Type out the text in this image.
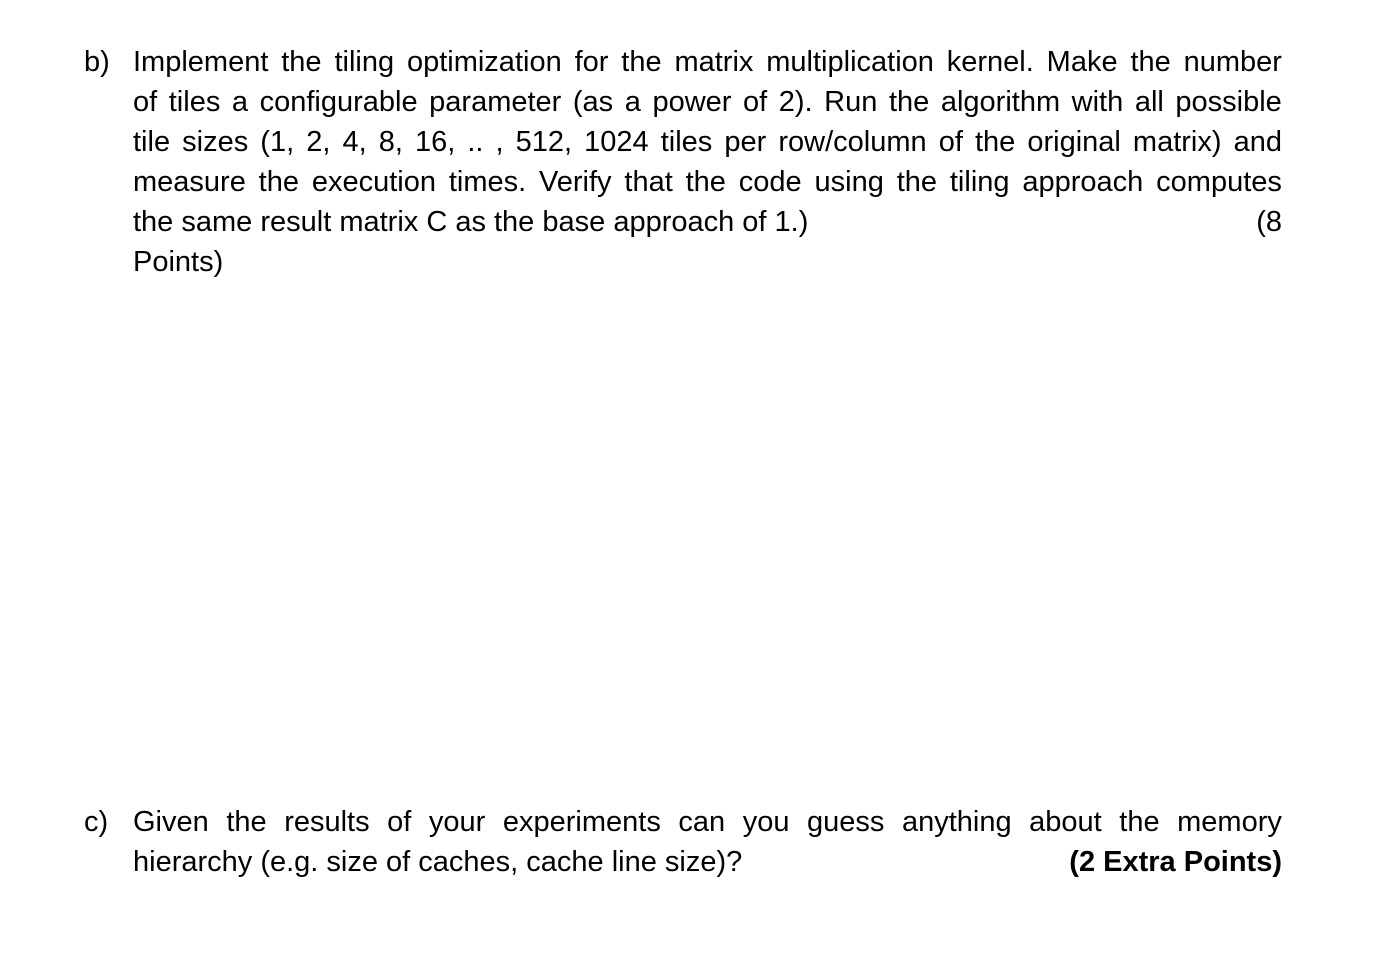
b) Implement the tiling optimization for the matrix multiplication kernel. Make the number
of tiles a configurable parameter (as a power of 2). Run the algorithm with all possible
tile sizes (1, 2, 4, 8, 16, .. , 512, 1024 tiles per row/column of the original matrix) and
measure the execution times. Verify that the code using the tiling approach computes
the same result matrix C as the base approach of 1.)	(8
Points)
c) Given the results of your experiments can you guess anything about the memory
hierarchy (e.g. size of caches, cache line size)?	(2 Extra Points)
